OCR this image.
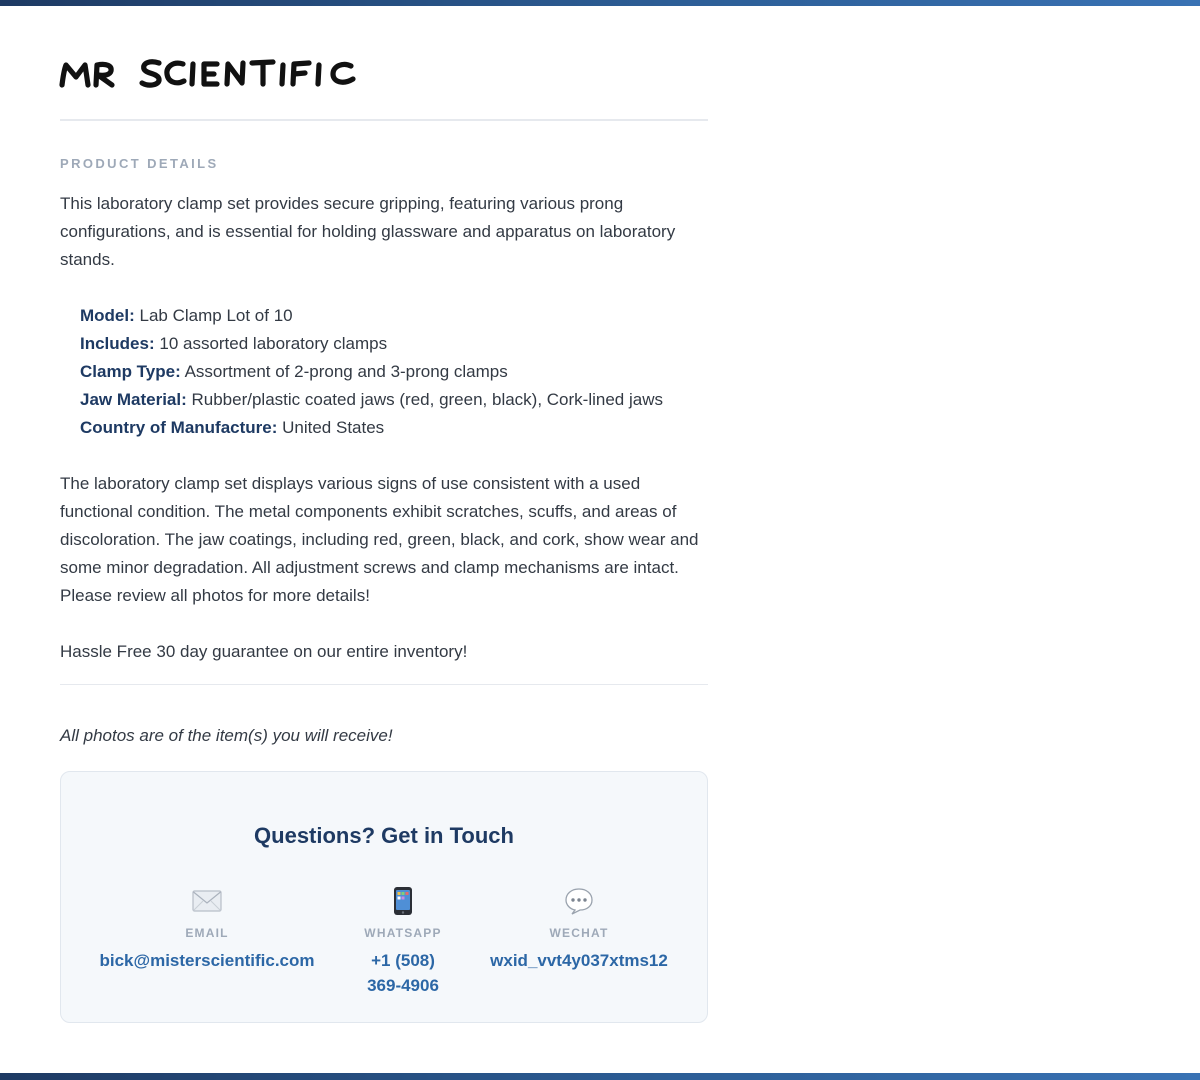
PRODUCT DETAILS
This laboratory clamp set provides secure gripping, featuring various prong configurations, and is essential for holding glassware and apparatus on laboratory stands.
Model: Lab Clamp Lot of 10
Includes: 10 assorted laboratory clamps
Clamp Type: Assortment of 2-prong and 3-prong clamps
Jaw Material: Rubber/plastic coated jaws (red, green, black), Cork-lined jaws
Country of Manufacture: United States
The laboratory clamp set displays various signs of use consistent with a used functional condition. The metal components exhibit scratches, scuffs, and areas of discoloration. The jaw coatings, including red, green, black, and cork, show wear and some minor degradation. All adjustment screws and clamp mechanisms are intact. Please review all photos for more details!
Hassle Free 30 day guarantee on our entire inventory!
All photos are of the item(s) you will receive!
Questions? Get in Touch
EMAIL
bick@misterscientific.com
WHATSAPP
+1 (508) 369-4906
WECHAT
wxid_vvt4y037xtms12
